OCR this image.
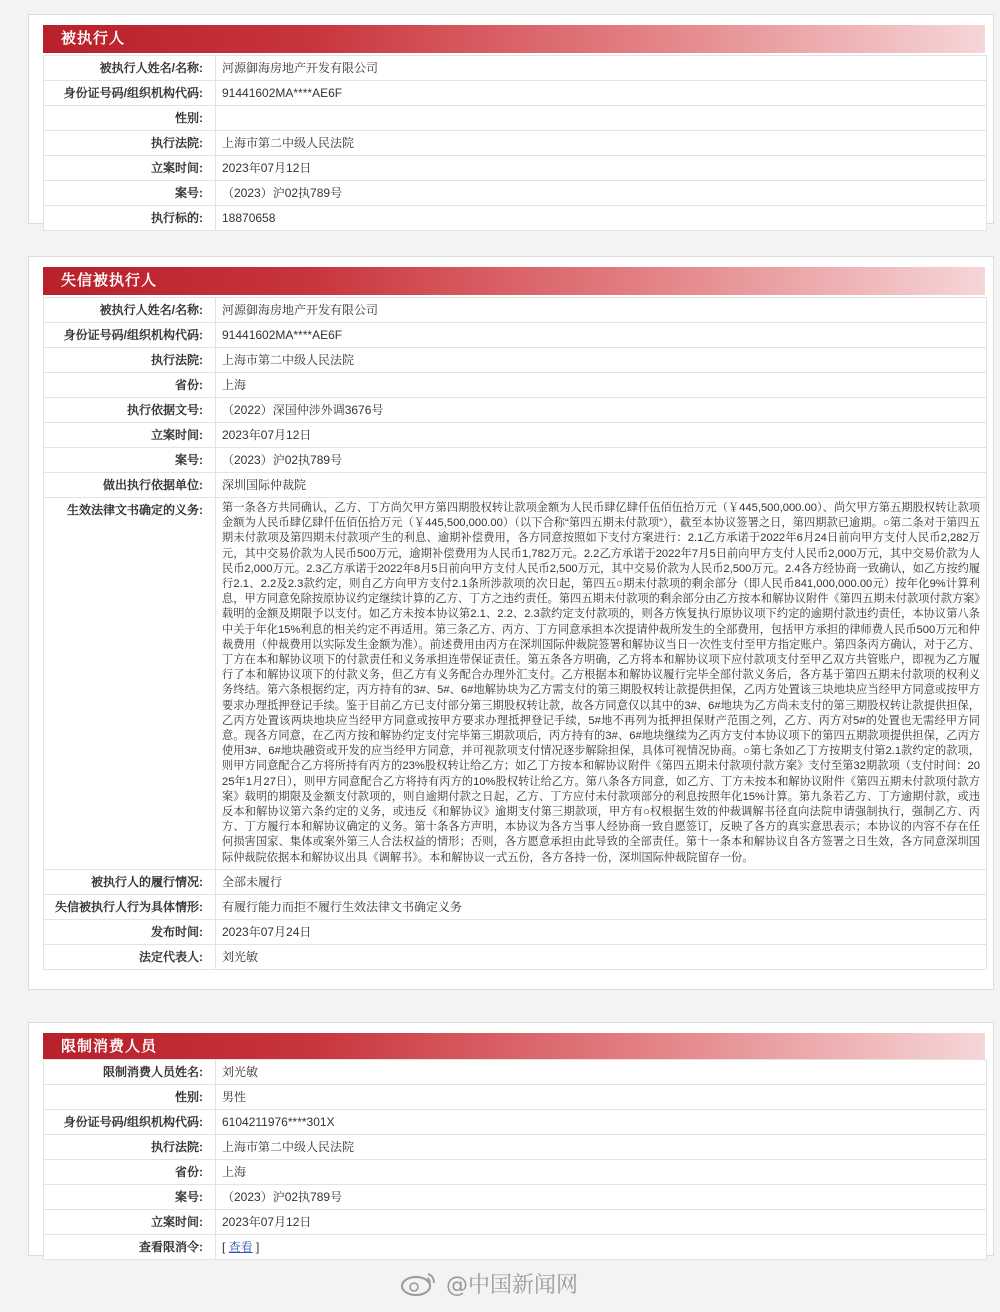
被执行人
被执行人姓名/名称:	河源御海房地产开发有限公司
身份证号码/组织机构代码:	91441602MA****AE6F
性别:	
执行法院:	上海市第二中级人民法院
立案时间:	2023年07月12日
案号:	（2023）沪02执789号
执行标的:	18870658
失信被执行人
被执行人姓名/名称:	河源御海房地产开发有限公司
身份证号码/组织机构代码:	91441602MA****AE6F
执行法院:	上海市第二中级人民法院
省份:	上海
执行依据文号:	（2022）深国仲涉外调3676号
立案时间:	2023年07月12日
案号:	（2023）沪02执789号
做出执行依据单位:	深圳国际仲裁院
生效法律文书确定的义务:	第一条各方共同确认，乙方、丁方尚欠甲方第四期股权转让款项金额为人民币肆亿肆仟伍佰伍拾万元（￥445,500,000.00）、尚欠甲方第五期股权转让款项金额为人民币肆亿肆仟伍佰伍拾万元（￥445,500,000.00）（以下合称“第四五期未付款项”），截至本协议签署之日，第四期款已逾期。○第二条对于第四五期未付款项及第四期未付款项产生的利息、逾期补偿费用，各方同意按照如下支付方案进行：2.1乙方承诺于2022年6月24日前向甲方支付人民币2,282万元，其中交易价款为人民币500万元，逾期补偿费用为人民币1,782万元。2.2乙方承诺于2022年7月5日前向甲方支付人民币2,000万元，其中交易价款为人民币2,000万元。2.3乙方承诺于2022年8月5日前向甲方支付人民币2,500万元，其中交易价款为人民币2,500万元。2.4各方经协商一致确认，如乙方按约履行2.1、2.2及2.3款约定，则自乙方向甲方支付2.1条所涉款项的次日起，第四五○期未付款项的剩余部分（即人民币841,000,000.00元）按年化9%计算利息，甲方同意免除按原协议约定继续计算的乙方、丁方之违约责任。第四五期未付款项的剩余部分由乙方按本和解协议附件《第四五期未付款项付款方案》载明的金额及期限予以支付。如乙方未按本协议第2.1、2.2、2.3款约定支付款项的，则各方恢复执行原协议项下约定的逾期付款违约责任，本协议第八条中关于年化15%利息的相关约定不再适用。第三条乙方、丙方、丁方同意承担本次提请仲裁所发生的全部费用，包括甲方承担的律师费人民币500万元和仲裁费用（仲裁费用以实际发生金额为准）。前述费用由丙方在深圳国际仲裁院签署和解协议当日一次性支付至甲方指定账户。第四条丙方确认，对于乙方、丁方在本和解协议项下的付款责任和义务承担连带保证责任。第五条各方明确，乙方将本和解协议项下应付款项支付至甲乙双方共管账户，即视为乙方履行了本和解协议项下的付款义务，但乙方有义务配合办理外汇支付。乙方根据本和解协议履行完毕全部付款义务后，各方基于第四五期未付款项的权利义务终结。第六条根据约定，丙方持有的3#、5#、6#地解协块为乙方需支付的第三期股权转让款提供担保，乙丙方处置该三块地块应当经甲方同意或按甲方要求办理抵押登记手续。鉴于目前乙方已支付部分第三期股权转让款，故各方同意仅以其中的3#、6#地块为乙方尚未支付的第三期股权转让款提供担保，乙丙方处置该两块地块应当经甲方同意或按甲方要求办理抵押登记手续，5#地不再列为抵押担保财产范围之列，乙方、丙方对5#的处置也无需经甲方同意。现各方同意，在乙丙方按和解协约定支付完毕第三期款项后，丙方持有的3#、6#地块继续为乙丙方支付本协议项下的第四五期款项提供担保，乙丙方使用3#、6#地块融资或开发的应当经甲方同意，并可视款项支付情况逐步解除担保，具体可视情况协商。○第七条如乙丁方按期支付第2.1款约定的款项，则甲方同意配合乙方将所持有丙方的23%股权转让给乙方；如乙丁方按本和解协议附件《第四五期未付款项付款方案》支付至第32期款项（支付时间：2025年1月27日），则甲方同意配合乙方将持有丙方的10%股权转让给乙方。第八条各方同意，如乙方、丁方未按本和解协议附件《第四五期未付款项付款方案》载明的期限及金额支付款项的，则自逾期付款之日起，乙方、丁方应付未付款项部分的利息按照年化15%计算。第九条若乙方、丁方逾期付款，或违反本和解协议第六条约定的义务，或违反《和解协议》逾期支付第三期款项，甲方有○权根据生效的仲裁调解书径直向法院申请强制执行，强制乙方、丙方、丁方履行本和解协议确定的义务。第十条各方声明，本协议为各方当事人经协商一致自愿签订，反映了各方的真实意思表示；本协议的内容不存在任何损害国家、集体或案外第三人合法权益的情形；否则，各方愿意承担由此导致的全部责任。第十一条本和解协议自各方签署之日生效，各方同意深圳国际仲裁院依据本和解协议出具《调解书》。本和解协议一式五份，各方各持一份，深圳国际仲裁院留存一份。
被执行人的履行情况:	全部未履行
失信被执行人行为具体情形:	有履行能力而拒不履行生效法律文书确定义务
发布时间:	2023年07月24日
法定代表人:	刘光敏
限制消费人员
限制消费人员姓名:	刘光敏
性别:	男性
身份证号码/组织机构代码:	6104211976****301X
执行法院:	上海市第二中级人民法院
省份:	上海
案号:	（2023）沪02执789号
立案时间:	2023年07月12日
查看限消令:	[ 查看 ]
@中国新闻网
